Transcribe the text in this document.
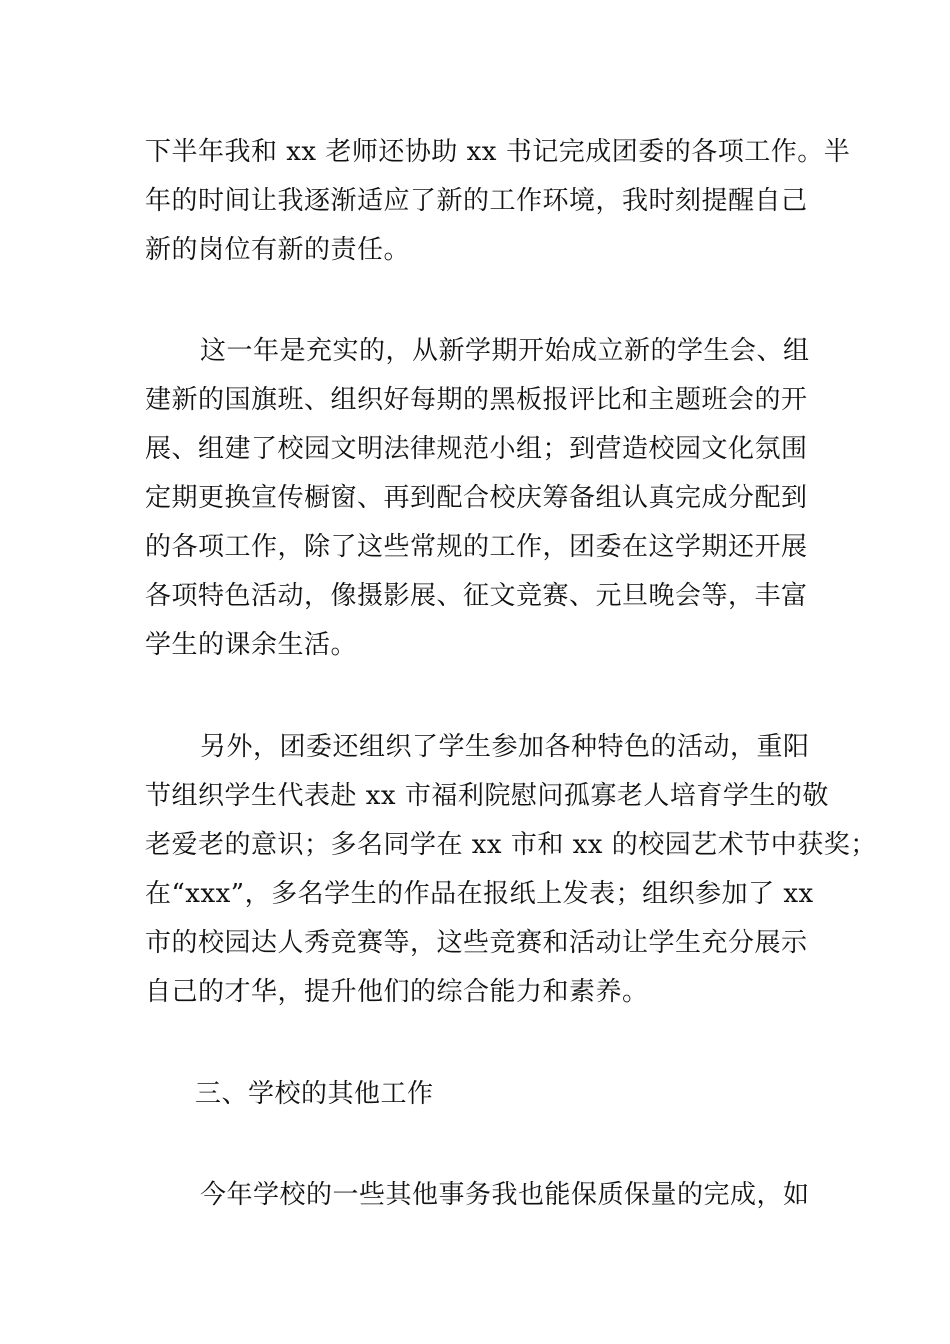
下半年我和 xx 老师还协助 xx 书记完成团委的各项工作。半
年的时间让我逐渐适应了新的工作环境，我时刻提醒自己
新的岗位有新的责任。
这一年是充实的，从新学期开始成立新的学生会、组
建新的国旗班、组织好每期的黑板报评比和主题班会的开
展、组建了校园文明法律规范小组；到营造校园文化氛围
定期更换宣传橱窗、再到配合校庆筹备组认真完成分配到
的各项工作，除了这些常规的工作，团委在这学期还开展
各项特色活动，像摄影展、征文竞赛、元旦晚会等，丰富
学生的课余生活。
另外，团委还组织了学生参加各种特色的活动，重阳
节组织学生代表赴 xx 市福利院慰问孤寡老人培育学生的敬
老爱老的意识；多名同学在 xx 市和 xx 的校园艺术节中获奖；
在“xxx”，多名学生的作品在报纸上发表；组织参加了 xx
市的校园达人秀竞赛等，这些竞赛和活动让学生充分展示
自己的才华，提升他们的综合能力和素养。
三、学校的其他工作
今年学校的一些其他事务我也能保质保量的完成，如
